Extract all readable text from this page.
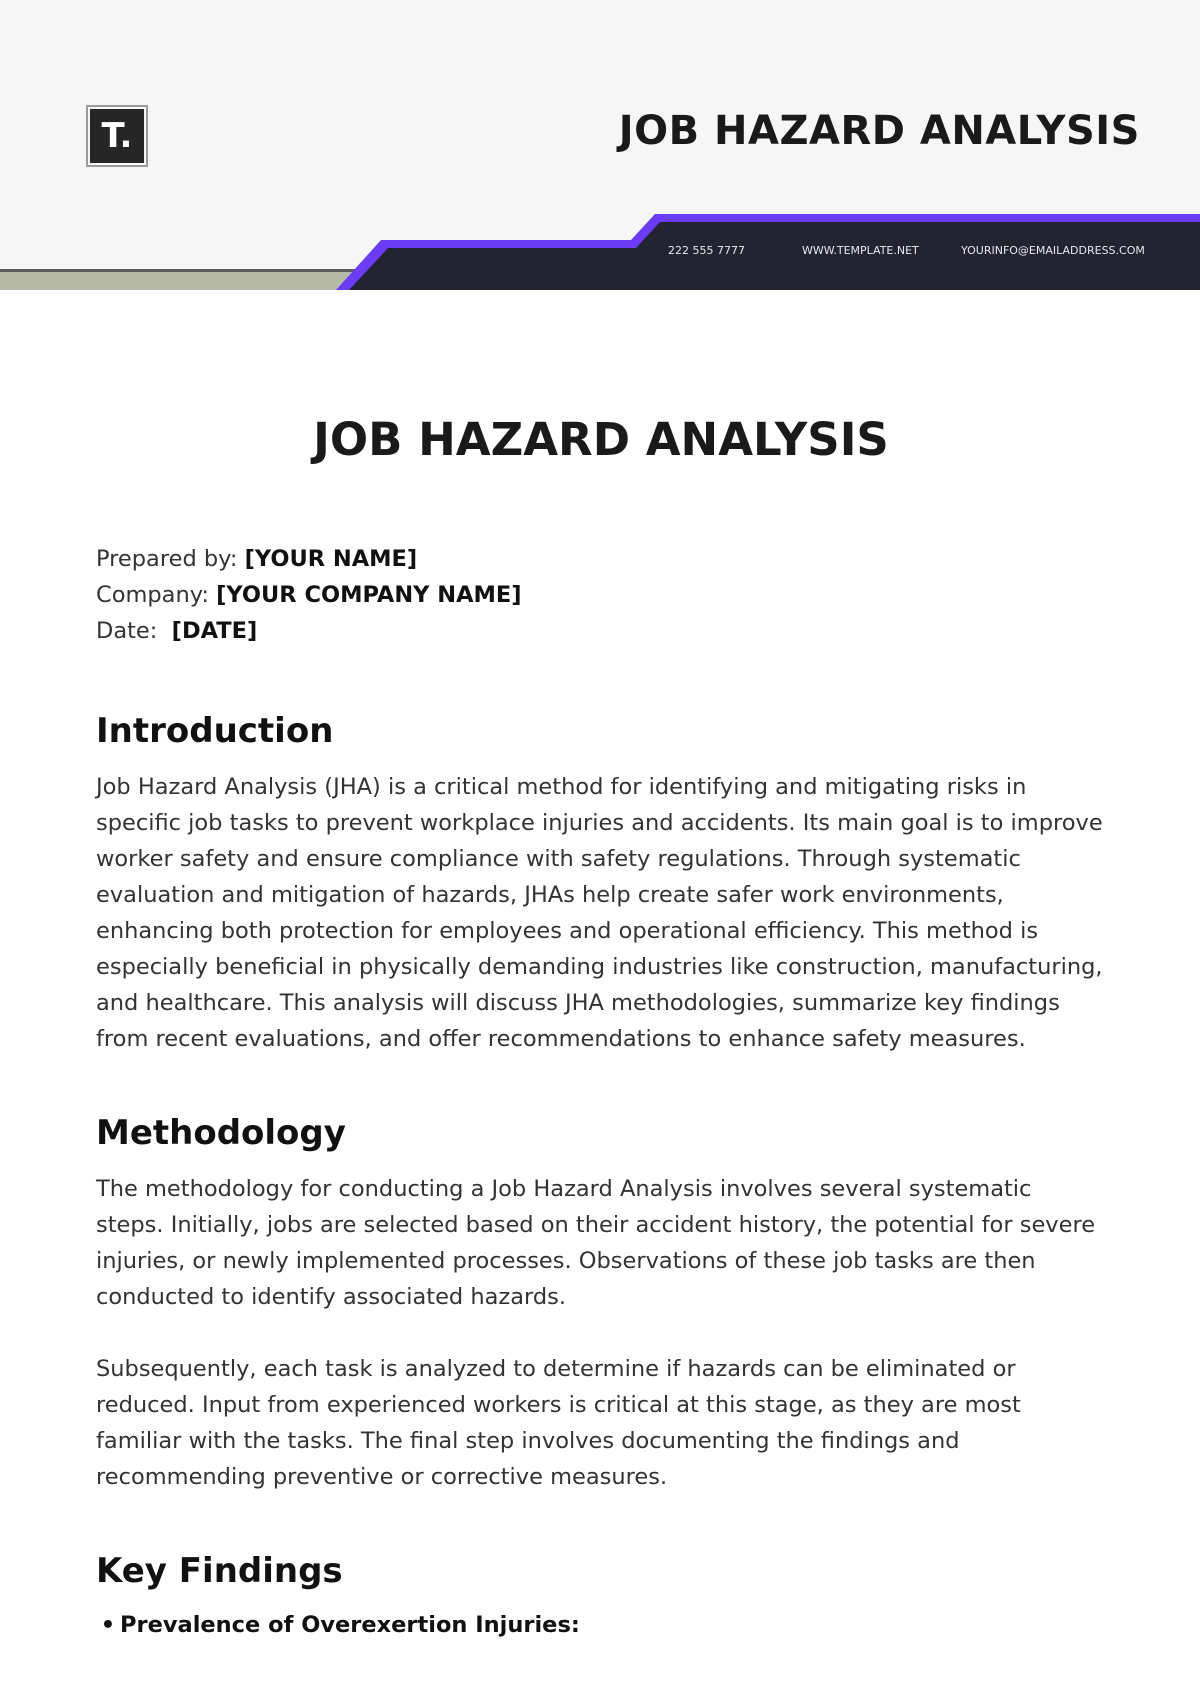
T.	JOB HAZARD ANALYSIS
222 555 7777	WWW.TEMPLATE.NET	YOURINFO@EMAILADDRESS.COM
JOB HAZARD ANALYSIS
Prepared by: [YOUR NAME]
Company: [YOUR COMPANY NAME]
Date: [DATE]
Introduction

Job Hazard Analysis (JHA) is a critical method for identifying and mitigating risks in specific job tasks to prevent workplace injuries and accidents. Its main goal is to improve worker safety and ensure compliance with safety regulations. Through systematic evaluation and mitigation of hazards, JHAs help create safer work environments, enhancing both protection for employees and operational efficiency. This method is especially beneficial in physically demanding industries like construction, manufacturing, and healthcare. This analysis will discuss JHA methodologies, summarize key findings from recent evaluations, and offer recommendations to enhance safety measures.

Methodology

The methodology for conducting a Job Hazard Analysis involves several systematic steps. Initially, jobs are selected based on their accident history, the potential for severe injuries, or newly implemented processes. Observations of these job tasks are then conducted to identify associated hazards.

Subsequently, each task is analyzed to determine if hazards can be eliminated or reduced. Input from experienced workers is critical at this stage, as they are most familiar with the tasks. The final step involves documenting the findings and recommending preventive or corrective measures.

Key Findings
• Prevalence of Overexertion Injuries:
